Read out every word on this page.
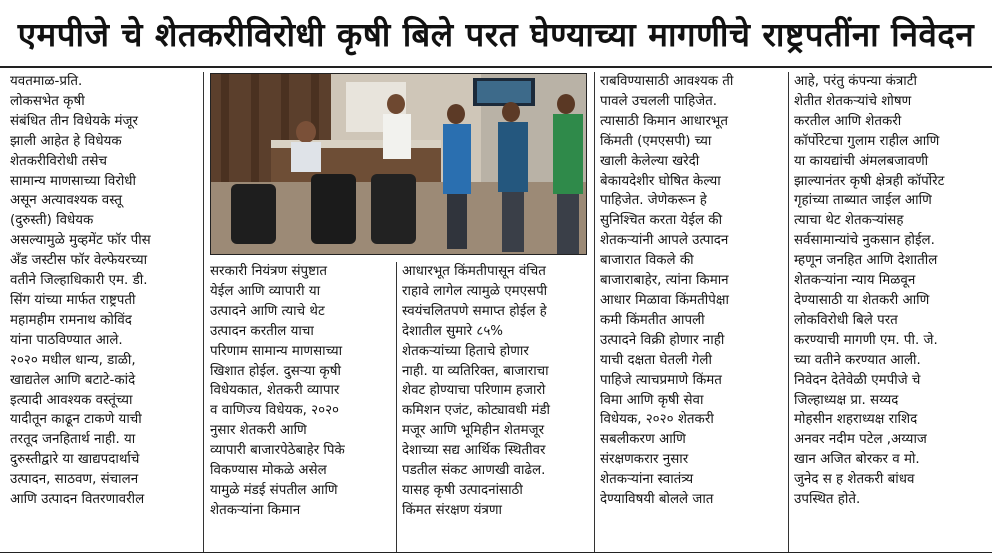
एमपीजे चे शेतकरीविरोधी कृषी बिले परत घेण्याच्या मागणीचे राष्ट्रपतींना निवेदन
यवतमाळ-प्रति.
लोकसभेत कृषी
संबंधित तीन विधेयके मंजूर
झाली आहेत हे विधेयक
शेतकरीविरोधी तसेच
सामान्य माणसाच्या विरोधी
असून अत्यावश्यक वस्तू
(दुरुस्ती) विधेयक
असल्यामुळे मुव्हमेंट फॉर पीस
अँड जस्टीस फॉर वेल्फेयरच्या
वतीने जिल्हाधिकारी एम. डी.
सिंग यांच्या मार्फत राष्ट्रपती
महामहीम रामनाथ कोविंद
यांना पाठविण्यात आले.
२०२० मधील धान्य, डाळी,
खाद्यतेल आणि बटाटे-कांदे
इत्यादी आवश्यक वस्तूंच्या
यादीतून काढून टाकणे याची
तरतूद जनहितार्थ नाही. या
दुरुस्तीद्वारे या खाद्यपदार्थाचे
उत्पादन, साठवण, संचालन
आणि उत्पादन वितरणावरील
सरकारी नियंत्रण संपुष्टात
येईल आणि व्यापारी या
उत्पादने आणि त्याचे थेट
उत्पादन करतील याचा
परिणाम सामान्य माणसाच्या
खिशात होईल. दुसऱ्या कृषी
विधेयकात, शेतकरी व्यापार
व वाणिज्य विधेयक, २०२०
नुसार शेतकरी आणि
व्यापारी बाजारपेठेबाहेर पिके
विकण्यास मोकळे असेल
यामुळे मंडई संपतील आणि
शेतकऱ्यांना किमान
आधारभूत किंमतीपासून वंचित
राहावे लागेल त्यामुळे एमएसपी
स्वयंचलितपणे समाप्त होईल हे
देशातील सुमारे ८५%
शेतकऱ्यांच्या हिताचे होणार
नाही. या व्यतिरिक्त, बाजाराचा
शेवट होण्याचा परिणाम हजारो
कमिशन एजंट, कोट्यावधी मंडी
मजूर आणि भूमिहीन शेतमजूर
देशाच्या सद्य आर्थिक स्थितीवर
पडतील संकट आणखी वाढेल.
यासह कृषी उत्पादनांसाठी
किंमत संरक्षण यंत्रणा
राबविण्यासाठी आवश्यक ती
पावले उचलली पाहिजेत.
त्यासाठी किमान आधारभूत
किंमती (एमएसपी) च्या
खाली केलेल्या खरेदी
बेकायदेशीर घोषित केल्या
पाहिजेत. जेणेकरून हे
सुनिश्चित करता येईल की
शेतकऱ्यांनी आपले उत्पादन
बाजारात विकले की
बाजाराबाहेर, त्यांना किमान
आधार मिळावा किंमतीपेक्षा
कमी किंमतीत आपली
उत्पादने विक्री होणार नाही
याची दक्षता घेतली गेली
पाहिजे त्याचप्रमाणे किंमत
विमा आणि कृषी सेवा
विधेयक, २०२० शेतकरी
सबलीकरण आणि
संरक्षणकरार नुसार
शेतकऱ्यांना स्वातंत्र्य
देण्याविषयी बोलले जात
आहे, परंतु कंपन्या कंत्राटी
शेतीत शेतकऱ्यांचे शोषण
करतील आणि शेतकरी
कॉर्पोरेटचा गुलाम राहील आणि
या कायद्यांची अंमलबजावणी
झाल्यानंतर कृषी क्षेत्रही कॉर्पोरेट
गृहांच्या ताब्यात जाईल आणि
त्याचा थेट शेतकऱ्यांसह
सर्वसामान्यांचे नुकसान होईल.
म्हणून जनहित आणि देशातील
शेतकऱ्यांना न्याय मिळवून
देण्यासाठी या शेतकरी आणि
लोकविरोधी बिले परत
करण्याची मागणी एम. पी. जे.
च्या वतीने करण्यात आली.
निवेदन देतेवेळी एमपीजे चे
जिल्हाध्यक्ष प्रा. सय्यद
मोहसीन शहराध्यक्ष राशिद
अनवर नदीम पटेल ,अय्याज
खान अजित बोरकर व मो.
जुनेद स ह शेतकरी बांधव
उपस्थित होते.
